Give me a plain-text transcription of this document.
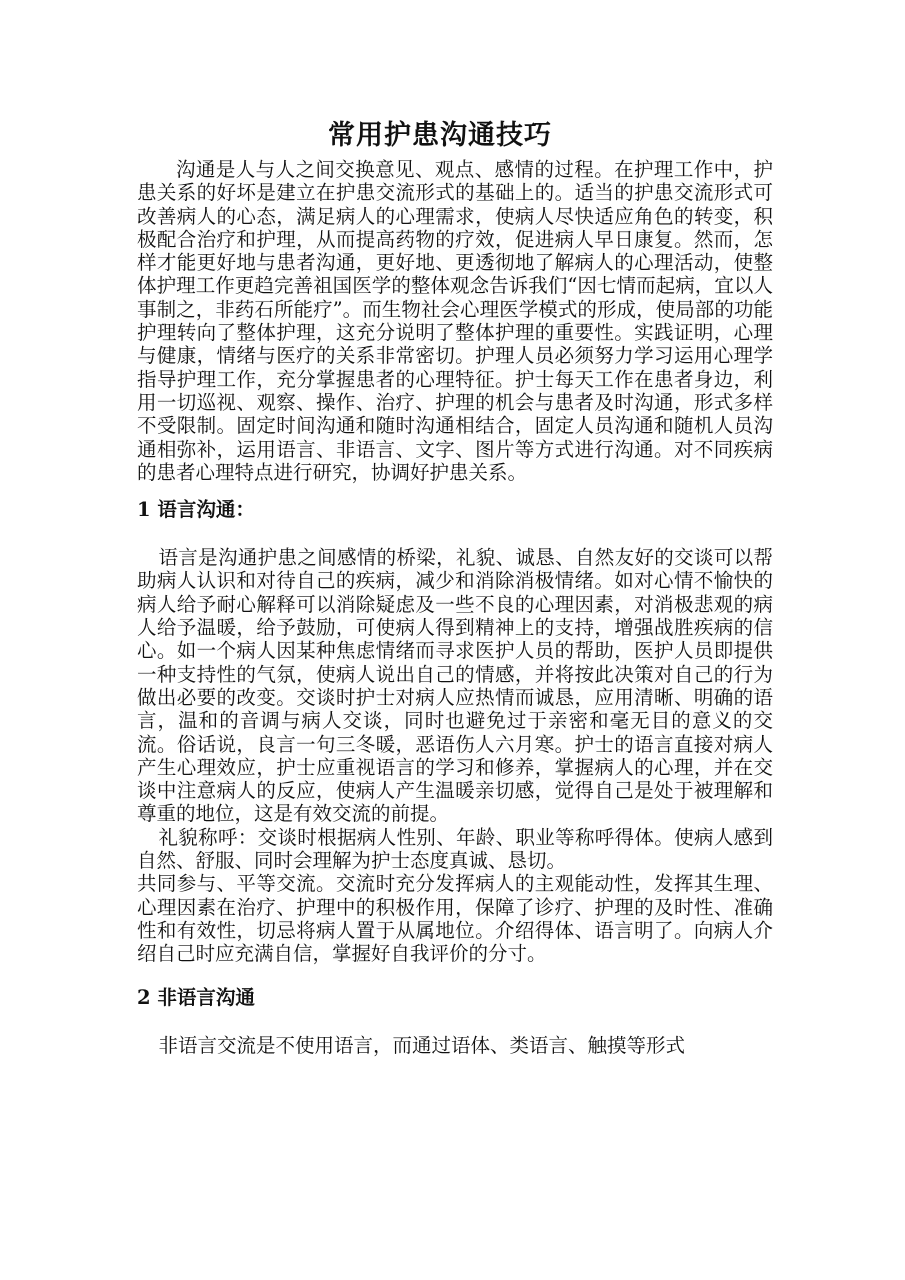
常用护患沟通技巧

沟通是人与人之间交换意见、观点、感情的过程。在护理工作中，护患关系的好坏是建立在护患交流形式的基础上的。适当的护患交流形式可改善病人的心态，满足病人的心理需求，使病人尽快适应角色的转变，积极配合治疗和护理，从而提高药物的疗效，促进病人早日康复。然而，怎样才能更好地与患者沟通，更好地、更透彻地了解病人的心理活动，使整体护理工作更趋完善祖国医学的整体观念告诉我们“因七情而起病，宜以人事制之，非药石所能疗”。而生物社会心理医学模式的形成，使局部的功能护理转向了整体护理，这充分说明了整体护理的重要性。实践证明，心理与健康，情绪与医疗的关系非常密切。护理人员必须努力学习运用心理学指导护理工作，充分掌握患者的心理特征。护士每天工作在患者身边，利用一切巡视、观察、操作、治疗、护理的机会与患者及时沟通，形式多样不受限制。固定时间沟通和随时沟通相结合，固定人员沟通和随机人员沟通相弥补，运用语言、非语言、文字、图片等方式进行沟通。对不同疾病的患者心理特点进行研究，协调好护患关系。

1 语言沟通：

语言是沟通护患之间感情的桥梁，礼貌、诚恳、自然友好的交谈可以帮助病人认识和对待自己的疾病，减少和消除消极情绪。如对心情不愉快的病人给予耐心解释可以消除疑虑及一些不良的心理因素，对消极悲观的病人给予温暖，给予鼓励，可使病人得到精神上的支持，增强战胜疾病的信心。如一个病人因某种焦虑情绪而寻求医护人员的帮助，医护人员即提供一种支持性的气氛，使病人说出自己的情感，并将按此决策对自己的行为做出必要的改变。交谈时护士对病人应热情而诚恳，应用清晰、明确的语言，温和的音调与病人交谈，同时也避免过于亲密和毫无目的意义的交流。俗话说，良言一句三冬暖，恶语伤人六月寒。护士的语言直接对病人产生心理效应，护士应重视语言的学习和修养，掌握病人的心理，并在交谈中注意病人的反应，使病人产生温暖亲切感，觉得自己是处于被理解和尊重的地位，这是有效交流的前提。

礼貌称呼：交谈时根据病人性别、年龄、职业等称呼得体。使病人感到自然、舒服、同时会理解为护士态度真诚、恳切。

共同参与、平等交流。交流时充分发挥病人的主观能动性，发挥其生理、心理因素在治疗、护理中的积极作用，保障了诊疗、护理的及时性、准确性和有效性，切忌将病人置于从属地位。介绍得体、语言明了。向病人介绍自己时应充满自信，掌握好自我评价的分寸。

2 非语言沟通

非语言交流是不使用语言，而通过语体、类语言、触摸等形式
